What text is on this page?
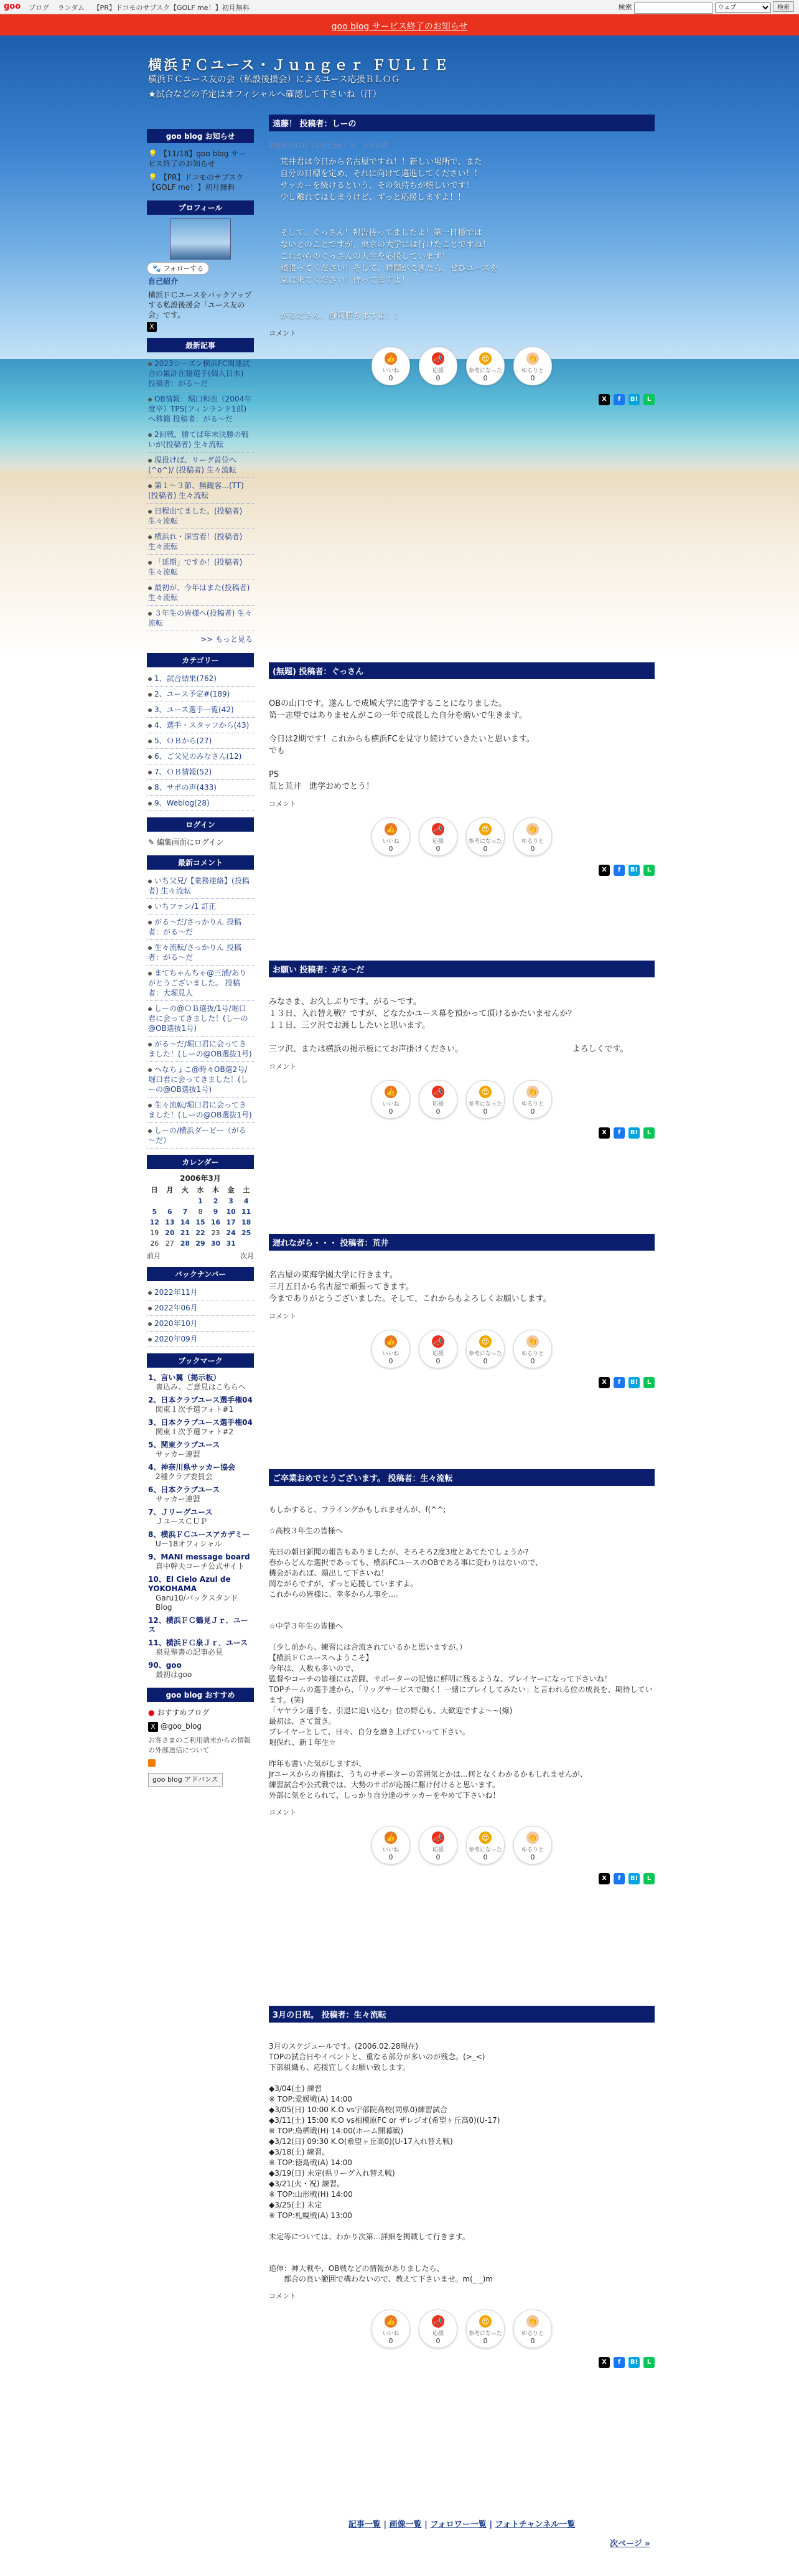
goo ブログ ランダム 【PR】ドコモのサブスク【GOLF me！】初月無料	検索
ウェブ	検索
goo blog サービス終了のお知らせ
横浜ＦＣユース・Ｊｕｎｇｅｒ ＦＵＬＩＥ
横浜ＦＣユース友の会（私設後援会）によるユース応援ＢＬＯＧ
★試合などの予定はオフィシャルへ確認して下さいね（汗）
goo blog お知らせ
💡 【11/18】goo blog サービス終了のお知らせ
💡 【PR】ドコモのサブスク【GOLF me！】初月無料
プロフィール
🐾 フォローする
自己紹介
横浜ＦＣユースをバックアップする私設後援会「ユース友の会」です。
X
最新記事
2023シーズン横浜FC関連試合の累計在籍選手(個人日本) 投稿者：がる～だ
OB情報：堀口和也（2004年度卒）TPS(フィンランド1部)へ移籍 投稿者：がる～だ
2回戦、勝てば年末決勝の戦いが(投稿者) 生々流転
現役けば、リーグ首位へ(^o^)/ (投稿者) 生々流転
第１～３節、無観客…(TT)(投稿者) 生々流転
日程出てました。(投稿者) 生々流転
横浜れ・深雪着！(投稿者) 生々流転
「延期」ですか！(投稿者) 生々流転
最初が、今年はまた(投稿者) 生々流転
３年生の皆様へ(投稿者) 生々流転
>> もっと見る
カテゴリー
1、試合結果(762)
2、ユース予定#(189)
3、ユース選手一覧(42)
4、選手・スタッフから(43)
5、ＯＢから(27)
6、ご父兄のみなさん(12)
7、ＯＢ情報(52)
8、サポの声(433)
9、Weblog(28)
ログイン
✎ 編集画面にログイン
最新コメント
いち父兄/【業務連絡】(投稿者) 生々流転
いちファン/1 訂正
がる～だ/さっかりん 投稿者：がる～だ
生々流転/さっかりん 投稿者：がる～だ
まてちゃんちゃ@三浦/ありがとうございました。 投稿者：大堀見人
しーの@ＯＢ選抜/1号/堀口君に会ってきました！(しーの@OB選抜1号)
がる～だ/堀口君に会ってきました！(しーの@OB選抜1号)
ヘなちょこ@時々OB選2号/堀口君に会ってきました！(しーの@OB選抜1号)
生々流転/堀口君に会ってきました！(しーの@OB選抜1号)
しーの/横浜ダービー（がる～だ）
カレンダー
2006年3月
日	月	火	水	木	金	土
			1	2	3	4
5	6	7	8	9	10	11
12	13	14	15	16	17	18
19	20	21	22	23	24	25
26	27	28	29	30	31	
前月	次月
バックナンバー
2022年11月
2022年06月
2020年10月
2020年09月
ブックマーク
1、言い翼（掲示板）
書込み、ご意見はこちらへ
2、日本クラブユース選手権04
関東１次予選フォト#1
3、日本クラブユース選手権04
関東１次予選フォト#2
5、関東クラブユース
サッカー連盟
4、神奈川県サッカー協会
2種クラブ委員会
6、日本クラブユース
サッカー連盟
7、Ｊリーグユース
ＪユースＣＵＰ
8、横浜ＦＣユースアカデミー
U－18オフィシャル
9、MANI message board
真中幹夫コーチ公式サイト
10、El Cielo Azul de YOKOHAMA
Garu10/バックスタンドBlog
12、横浜ＦＣ鶴見Ｊｒ．ユース
11、横浜ＦＣ泉Ｊｒ．ユース
泉見聖書の記事必見
90、goo
最初はgoo
goo blog おすすめ
● おすすめブログ
X @goo_blog
お客さまのご利用端末からの情報の外部送信について
goo blog アドバンス
遠藤！ 投稿者：しーの
2006-03-05 21:01:56 | ５、サポの声
荒井君は今日から名古屋ですね！！新しい場所で、また
自分の目標を定め、それに向けて邁進してください！！
サッカーを続けるという、その気持ちが嬉しいです！
少し離れてはしまうけど、ずっと応援しますよ！！

そして、ぐっさん！報告待ってましたよ！第一目標では
ないとのことですが、東京の大学には行けたことですね！
これからのぐっさんの人生を応援しています！
頑張ってください！そして、時間ができたら、ぜひユースを
見に来てください！待ってますよ！

がるださん、静岡勝ちますよ！！
コメント
👍
いいね
0
📣
応援
0
😍
参考になった
0
👏
ゆるりと
0
X	f	B!	L
(無題) 投稿者：ぐっさん
OBの山口です。遂んしで成城大学に進学することになりました。
第一志望ではありませんがこの一年で成長した自分を磨いで生きます。

今日は2期です！これからも横浜FCを見守り続けていきたいと思います。
でも

PS
荒と荒井　進学おめでとう！
コメント
👍
いいね
0
📣
応援
0
😍
参考になった
0
👏
ゆるりと
0
X	f	B!	L
お願い 投稿者：がる～だ
みなさま、お久しぶりです。がる～です。
１３日、入れ替え戦？ですが、どなたかユース幕を預かって頂けるかたいませんか？
１１日、三ツ沢でお渡ししたいと思います。

三ツ沢、または横浜の掲示板にてお声掛けください。　　　　　　　　　　　　　　よろしくです。
コメント
👍
いいね
0
📣
応援
0
😍
参考になった
0
👏
ゆるりと
0
X	f	B!	L
遅れながら・・・ 投稿者：荒井
名古屋の東海学園大学に行きます。
三月五日から名古屋で頑張ってきます。
今までありがとうございました。そして、これからもよろしくお願いします。
コメント
👍
いいね
0
📣
応援
0
😍
参考になった
0
👏
ゆるりと
0
X	f	B!	L
ご卒業おめでとうございます。 投稿者：生々流転
もしかすると、フライングかもしれませんが、f(^^;

☆高校３年生の皆様へ

先日の朝日新聞の報告もありましたが、そろそろ2度3度とあてたでしょうか?
春からどんな選択であっても、横浜FCユースのOBである事に変わりはないので、
機会があれば、顔出して下さいね！
岡ながらですが、ずっと応援していますよ。
これからの皆様に、幸多からん事を…。

☆中学３年生の皆様へ

（少し前から、練習には合流されているかと思いますが。）
【横浜ＦＣユースへようこそ】
今年は、人数も多いので、
監督やコーチの皆様には苦闘、サポーターの記憶に鮮明に残るような、プレイヤーになって下さいね！
TOPチームの選手達から、「リッグサービスで働く！一緒にプレイしてみたい」と言われる位の成長を、期待しています。(笑)
「ヤヤラン選手を、引退に追い込む」位の野心も、大歓迎ですよ～~(爆)
最初は、さて置き。
プレイヤーとして、日々、自分を磨き上げていって下さい。
堀保れ、新１年生☆

昨年も書いた気がしますが、
Jrユースからの皆様は、うちのサポーターの雰囲気とかは…何となくわかるかもしれませんが、
練習試合や公式戦では、大勢のサポが応援に駆け付けると思います。
外部に気をとられて、しっかり自分達のサッカーをやめて下さいね！
コメント
👍
いいね
0
📣
応援
0
😍
参考になった
0
👏
ゆるりと
0
X	f	B!	L
3月の日程。 投稿者：生々流転
3月のスケジュールです。(2006.02.28現在)
TOPの試合日やイベントと、重なる部分が多いのが残念。(>_<)
下部組織も、応援宜しくお願い致します。

◆3/04(土) 練習
※ TOP:愛媛戦(A) 14:00
◆3/05(日) 10:00 K.O vs宇部院高校(同県0)練習試合
◆3/11(土) 15:00 K.O vs相模原FC or ザレジオ(希望ヶ丘高0)(U-17)
※ TOP:鳥栖戦(H) 14:00(ホーム開幕戦)
◆3/12(日) 09:30 K.O(希望ヶ丘高0)(U-17入れ替え戦)
◆3/18(土) 練習。
※ TOP:徳島戦(A) 14:00
◆3/19(日) 未定(県リーグ入れ替え戦)
◆3/21(火・祝) 練習。
※ TOP:山形戦(H) 14:00
◆3/25(土) 未定
※ TOP:札幌戦(A) 13:00

未定等については、わかり次第…詳細を掲載して行きます。

追伸：神大戦や、OB戦などの情報がありましたら、
　　都合の良い範囲で構わないので、教えて下さいませ。m(_ _)m
コメント
👍
いいね
0
📣
応援
0
😍
参考になった
0
👏
ゆるりと
0
X	f	B!	L
記事一覧 | 画像一覧 | フォロワー一覧 | フォトチャンネル一覧
次ページ »
